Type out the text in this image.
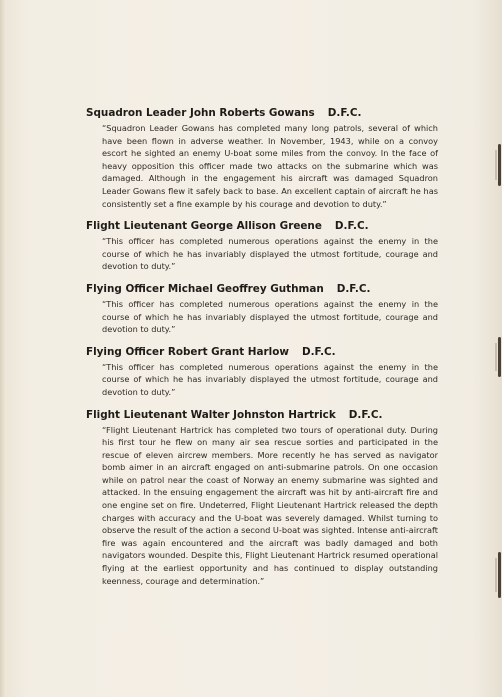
Squadron Leader John Roberts Gowans D.F.C.
“Squadron Leader Gowans has completed many long patrols, several of which have been flown in adverse weather. In November, 1943, while on a convoy escort he sighted an enemy U-boat some miles from the convoy. In the face of heavy opposition this officer made two attacks on the submarine which was damaged. Although in the engagement his aircraft was damaged Squadron Leader Gowans flew it safely back to base. An excellent captain of aircraft he has consistently set a fine example by his courage and devotion to duty.”
Flight Lieutenant George Allison Greene D.F.C.
“This officer has completed numerous operations against the enemy in the course of which he has invariably displayed the utmost fortitude, courage and devotion to duty.”
Flying Officer Michael Geoffrey Guthman D.F.C.
“This officer has completed numerous operations against the enemy in the course of which he has invariably displayed the utmost fortitude, courage and devotion to duty.”
Flying Officer Robert Grant Harlow D.F.C.
“This officer has completed numerous operations against the enemy in the course of which he has invariably displayed the utmost fortitude, courage and devotion to duty.”
Flight Lieutenant Walter Johnston Hartrick D.F.C.
“Flight Lieutenant Hartrick has completed two tours of operational duty. During his first tour he flew on many air sea rescue sorties and participated in the rescue of eleven aircrew members. More recently he has served as navigator bomb aimer in an aircraft engaged on anti-submarine patrols. On one occasion while on patrol near the coast of Norway an enemy submarine was sighted and attacked. In the ensuing engagement the aircraft was hit by anti-aircraft fire and one engine set on fire. Undeterred, Flight Lieutenant Hartrick released the depth charges with accuracy and the U-boat was severely damaged. Whilst turning to observe the result of the action a second U-boat was sighted. Intense anti-aircraft fire was again encountered and the aircraft was badly damaged and both navigators wounded. Despite this, Flight Lieutenant Hartrick resumed operational flying at the earliest opportunity and has continued to display outstanding keenness, courage and determination.”
